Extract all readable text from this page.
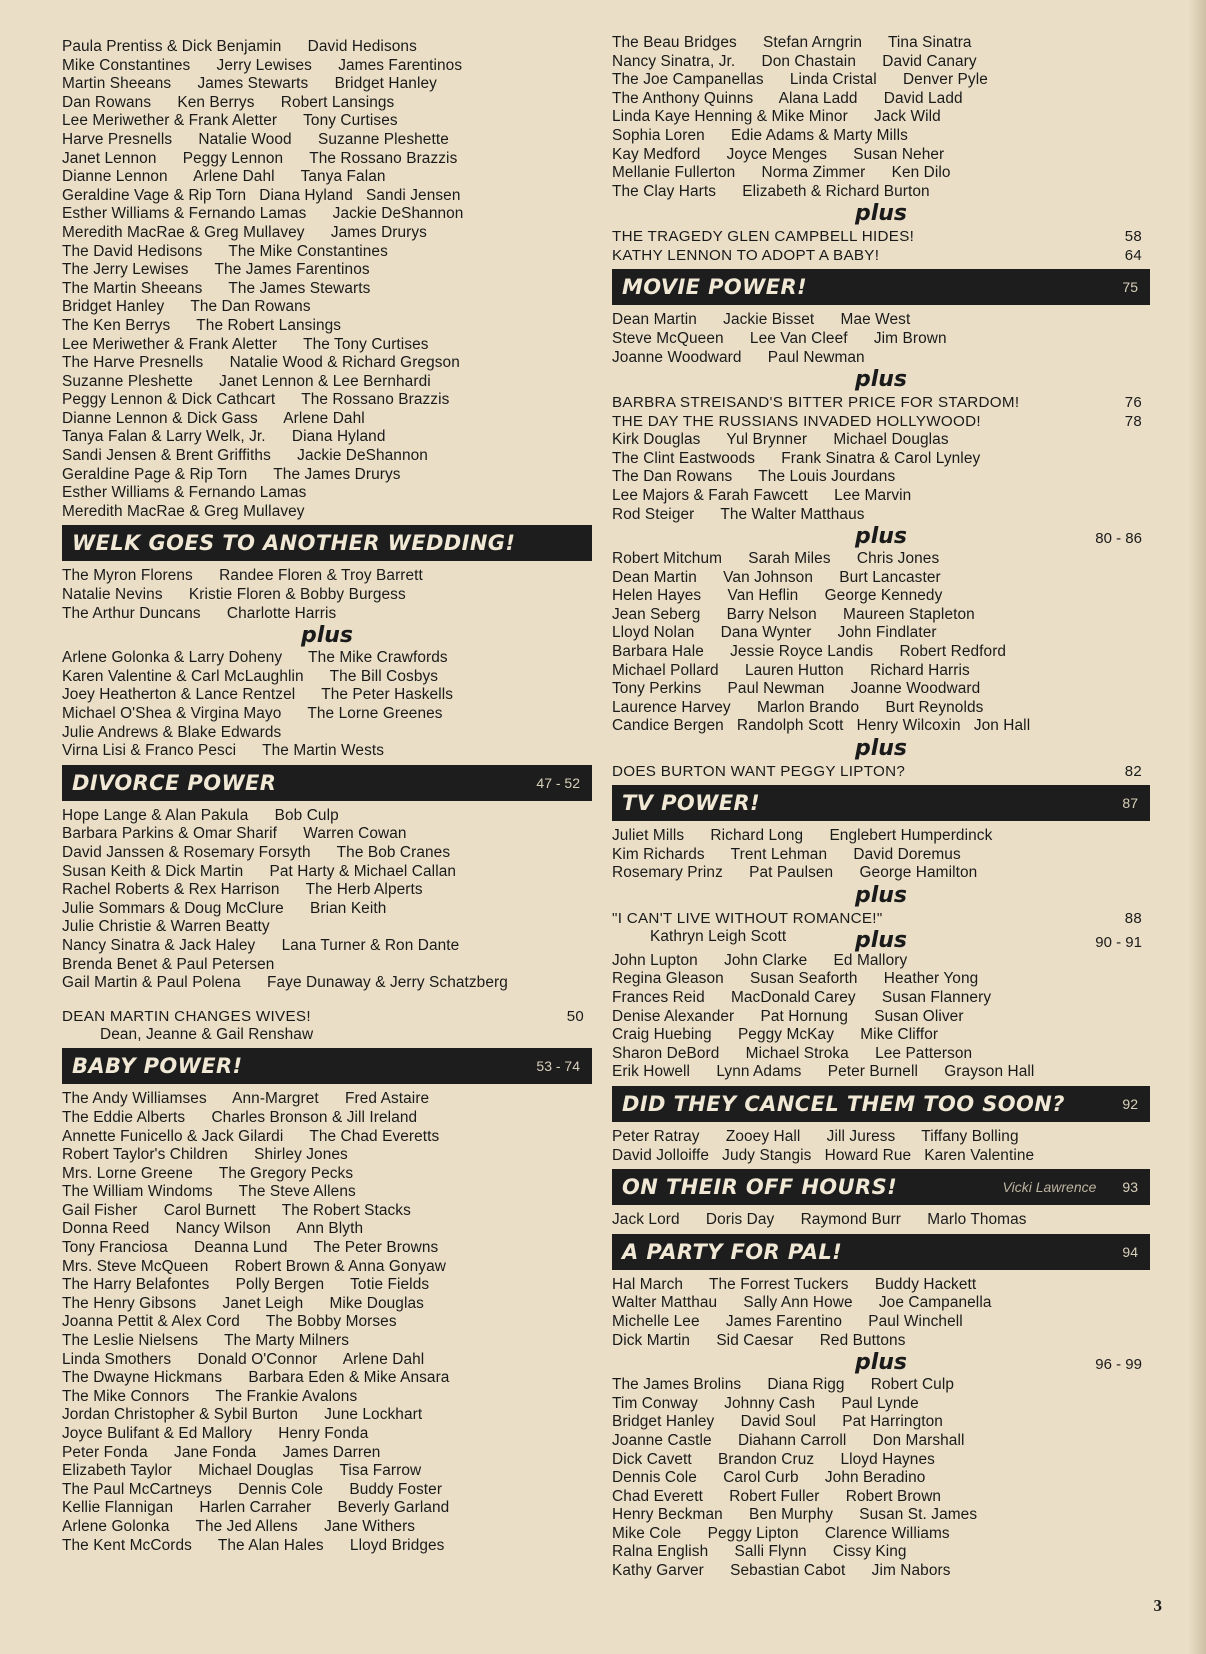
Paula Prentiss & Dick Benjamin      David Hedisons
Mike Constantines      Jerry Lewises      James Farentinos
Martin Sheeans      James Stewarts      Bridget Hanley
Dan Rowans      Ken Berrys      Robert Lansings
Lee Meriwether & Frank Aletter      Tony Curtises
Harve Presnells      Natalie Wood      Suzanne Pleshette
Janet Lennon      Peggy Lennon      The Rossano Brazzis
Dianne Lennon      Arlene Dahl      Tanya Falan
Geraldine Vage & Rip Torn   Diana Hyland   Sandi Jensen
Esther Williams & Fernando Lamas      Jackie DeShannon
Meredith MacRae & Greg Mullavey      James Drurys
The David Hedisons      The Mike Constantines
The Jerry Lewises      The James Farentinos
The Martin Sheeans      The James Stewarts
Bridget Hanley      The Dan Rowans
The Ken Berrys      The Robert Lansings
Lee Meriwether & Frank Aletter      The Tony Curtises
The Harve Presnells      Natalie Wood & Richard Gregson
Suzanne Pleshette      Janet Lennon & Lee Bernhardi
Peggy Lennon & Dick Cathcart      The Rossano Brazzis
Dianne Lennon & Dick Gass      Arlene Dahl
Tanya Falan & Larry Welk, Jr.      Diana Hyland
Sandi Jensen & Brent Griffiths      Jackie DeShannon
Geraldine Page & Rip Torn      The James Drurys
Esther Williams & Fernando Lamas
Meredith MacRae & Greg Mullavey
WELK GOES TO ANOTHER WEDDING!
The Myron Florens      Randee Floren & Troy Barrett
Natalie Nevins      Kristie Floren & Bobby Burgess
The Arthur Duncans      Charlotte Harris
plus
Arlene Golonka & Larry Doheny      The Mike Crawfords
Karen Valentine & Carl McLaughlin      The Bill Cosbys
Joey Heatherton & Lance Rentzel      The Peter Haskells
Michael O'Shea & Virgina Mayo      The Lorne Greenes
Julie Andrews & Blake Edwards
Virna Lisi & Franco Pesci      The Martin Wests
DIVORCE POWER	47 - 52
Hope Lange & Alan Pakula      Bob Culp
Barbara Parkins & Omar Sharif      Warren Cowan
David Janssen & Rosemary Forsyth      The Bob Cranes
Susan Keith & Dick Martin      Pat Harty & Michael Callan
Rachel Roberts & Rex Harrison      The Herb Alperts
Julie Sommars & Doug McClure      Brian Keith
Julie Christie & Warren Beatty
Nancy Sinatra & Jack Haley      Lana Turner & Ron Dante
Brenda Benet & Paul Petersen
Gail Martin & Paul Polena      Faye Dunaway & Jerry Schatzberg
DEAN MARTIN CHANGES WIVES!	50
Dean, Jeanne & Gail Renshaw
BABY POWER!	53 - 74
The Andy Williamses      Ann-Margret      Fred Astaire
The Eddie Alberts      Charles Bronson & Jill Ireland
Annette Funicello & Jack Gilardi      The Chad Everetts
Robert Taylor's Children      Shirley Jones
Mrs. Lorne Greene      The Gregory Pecks
The William Windoms      The Steve Allens
Gail Fisher      Carol Burnett      The Robert Stacks
Donna Reed      Nancy Wilson      Ann Blyth
Tony Franciosa      Deanna Lund      The Peter Browns
Mrs. Steve McQueen      Robert Brown & Anna Gonyaw
The Harry Belafontes      Polly Bergen      Totie Fields
The Henry Gibsons      Janet Leigh      Mike Douglas
Joanna Pettit & Alex Cord      The Bobby Morses
The Leslie Nielsens      The Marty Milners
Linda Smothers      Donald O'Connor      Arlene Dahl
The Dwayne Hickmans      Barbara Eden & Mike Ansara
The Mike Connors      The Frankie Avalons
Jordan Christopher & Sybil Burton      June Lockhart
Joyce Bulifant & Ed Mallory      Henry Fonda
Peter Fonda      Jane Fonda      James Darren
Elizabeth Taylor      Michael Douglas      Tisa Farrow
The Paul McCartneys      Dennis Cole      Buddy Foster
Kellie Flannigan      Harlen Carraher      Beverly Garland
Arlene Golonka      The Jed Allens      Jane Withers
The Kent McCords      The Alan Hales      Lloyd Bridges
The Beau Bridges      Stefan Arngrin      Tina Sinatra
Nancy Sinatra, Jr.      Don Chastain      David Canary
The Joe Campanellas      Linda Cristal      Denver Pyle
The Anthony Quinns      Alana Ladd      David Ladd
Linda Kaye Henning & Mike Minor      Jack Wild
Sophia Loren      Edie Adams & Marty Mills
Kay Medford      Joyce Menges      Susan Neher
Mellanie Fullerton      Norma Zimmer      Ken Dilo
The Clay Harts      Elizabeth & Richard Burton
plus
THE TRAGEDY GLEN CAMPBELL HIDES!	58
KATHY LENNON TO ADOPT A BABY!	64
MOVIE POWER!	75
Dean Martin      Jackie Bisset      Mae West
Steve McQueen      Lee Van Cleef      Jim Brown
Joanne Woodward      Paul Newman
plus
BARBRA STREISAND'S BITTER PRICE FOR STARDOM!	76
THE DAY THE RUSSIANS INVADED HOLLYWOOD!	78
Kirk Douglas      Yul Brynner      Michael Douglas
The Clint Eastwoods      Frank Sinatra & Carol Lynley
The Dan Rowans      The Louis Jourdans
Lee Majors & Farah Fawcett      Lee Marvin
Rod Steiger      The Walter Matthaus
plus	80 - 86
Robert Mitchum      Sarah Miles      Chris Jones
Dean Martin      Van Johnson      Burt Lancaster
Helen Hayes      Van Heflin      George Kennedy
Jean Seberg      Barry Nelson      Maureen Stapleton
Lloyd Nolan      Dana Wynter      John Findlater
Barbara Hale      Jessie Royce Landis      Robert Redford
Michael Pollard      Lauren Hutton      Richard Harris
Tony Perkins      Paul Newman      Joanne Woodward
Laurence Harvey      Marlon Brando      Burt Reynolds
Candice Bergen   Randolph Scott   Henry Wilcoxin   Jon Hall
plus
DOES BURTON WANT PEGGY LIPTON?	82
TV POWER!	87
Juliet Mills      Richard Long      Englebert Humperdinck
Kim Richards      Trent Lehman      David Doremus
Rosemary Prinz      Pat Paulsen      George Hamilton
plus
"I CAN'T LIVE WITHOUT ROMANCE!"	88
Kathryn Leigh Scott	plus	90 - 91
John Lupton      John Clarke      Ed Mallory
Regina Gleason      Susan Seaforth      Heather Yong
Frances Reid      MacDonald Carey      Susan Flannery
Denise Alexander      Pat Hornung      Susan Oliver
Craig Huebing      Peggy McKay      Mike Cliffor
Sharon DeBord      Michael Stroka      Lee Patterson
Erik Howell      Lynn Adams      Peter Burnell      Grayson Hall
DID THEY CANCEL THEM TOO SOON?	92
Peter Ratray      Zooey Hall      Jill Juress      Tiffany Bolling
David Jolloiffe   Judy Stangis   Howard Rue   Karen Valentine
ON THEIR OFF HOURS!	Vicki Lawrence 93
Jack Lord      Doris Day      Raymond Burr      Marlo Thomas
A PARTY FOR PAL!	94
Hal March      The Forrest Tuckers      Buddy Hackett
Walter Matthau      Sally Ann Howe      Joe Campanella
Michelle Lee      James Farentino      Paul Winchell
Dick Martin      Sid Caesar      Red Buttons
plus	96 - 99
The James Brolins      Diana Rigg      Robert Culp
Tim Conway      Johnny Cash      Paul Lynde
Bridget Hanley      David Soul      Pat Harrington
Joanne Castle      Diahann Carroll      Don Marshall
Dick Cavett      Brandon Cruz      Lloyd Haynes
Dennis Cole      Carol Curb      John Beradino
Chad Everett      Robert Fuller      Robert Brown
Henry Beckman      Ben Murphy      Susan St. James
Mike Cole      Peggy Lipton      Clarence Williams
Ralna English      Salli Flynn      Cissy King
Kathy Garver      Sebastian Cabot      Jim Nabors
3
